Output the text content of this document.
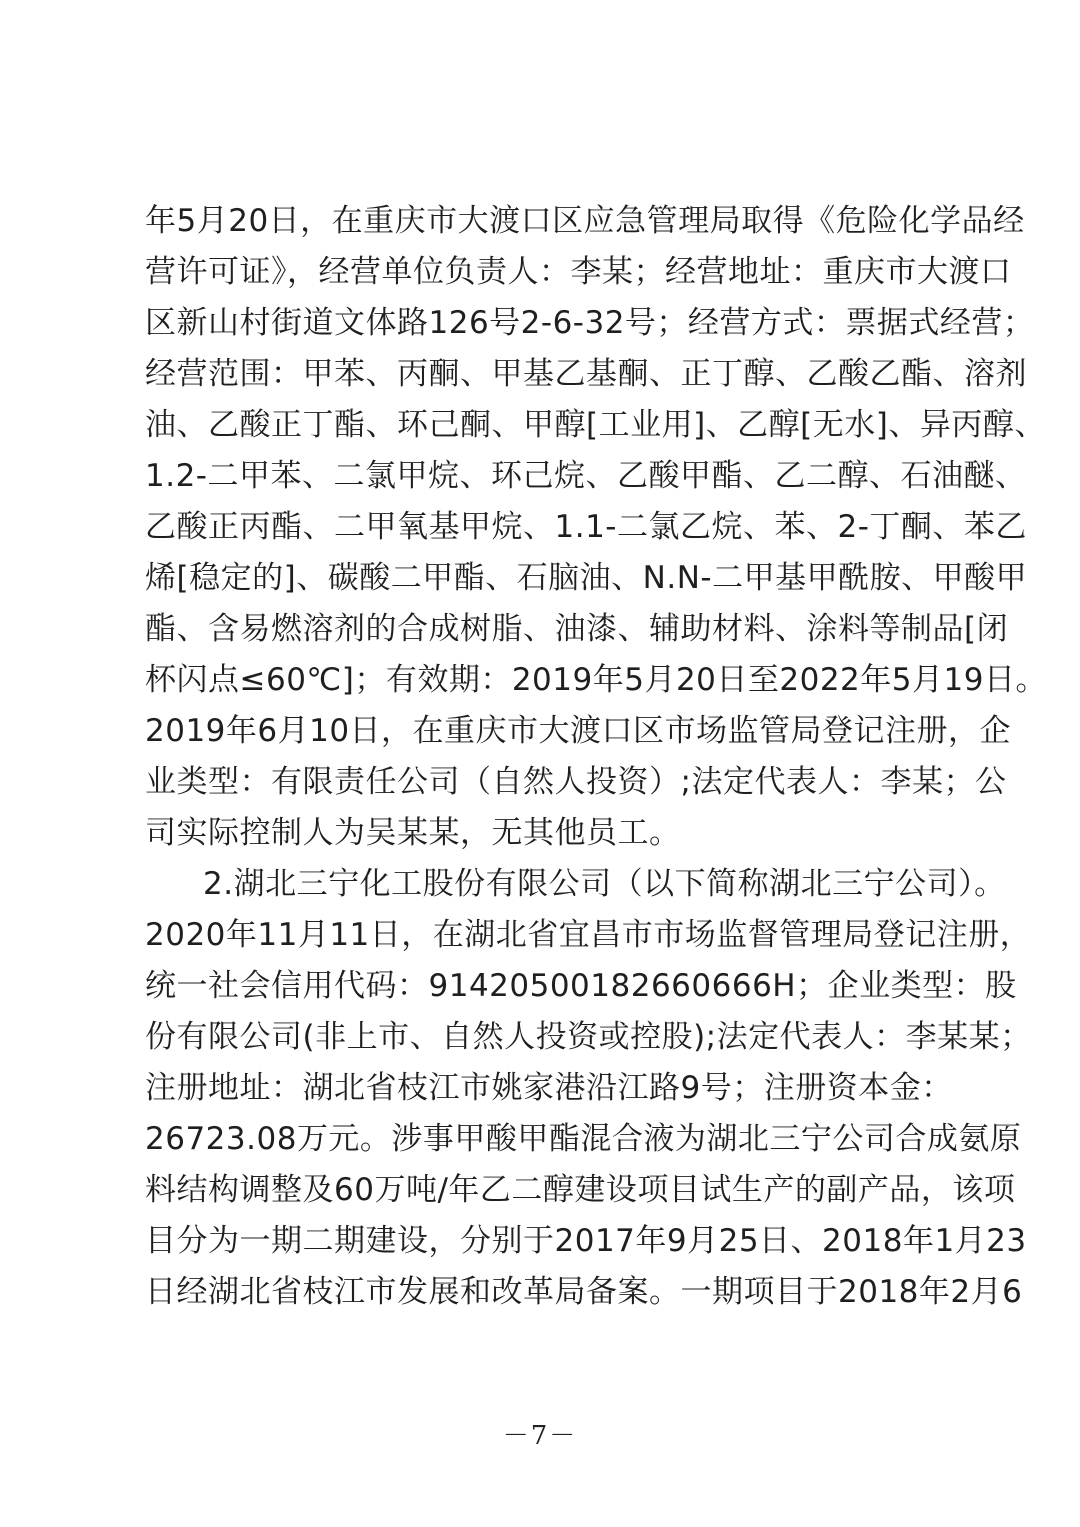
年5月20日，在重庆市大渡口区应急管理局取得《危险化学品经
营许可证》，经营单位负责人：李某；经营地址：重庆市大渡口
区新山村街道文体路126号2-6-32号；经营方式：票据式经营；
经营范围：甲苯、丙酮、甲基乙基酮、正丁醇、乙酸乙酯、溶剂
油、乙酸正丁酯、环己酮、甲醇[工业用]、乙醇[无水]、异丙醇、
1.2-二甲苯、二氯甲烷、环己烷、乙酸甲酯、乙二醇、石油醚、
乙酸正丙酯、二甲氧基甲烷、1.1-二氯乙烷、苯、2-丁酮、苯乙
烯[稳定的]、碳酸二甲酯、石脑油、N.N-二甲基甲酰胺、甲酸甲
酯、含易燃溶剂的合成树脂、油漆、辅助材料、涂料等制品[闭
杯闪点≤60℃]；有效期：2019年5月20日至2022年5月19日。
2019年6月10日，在重庆市大渡口区市场监管局登记注册，企
业类型：有限责任公司（自然人投资）;法定代表人：李某；公
司实际控制人为吴某某，无其他员工。
2.湖北三宁化工股份有限公司（以下简称湖北三宁公司）。
2020年11月11日，在湖北省宜昌市市场监督管理局登记注册，
统一社会信用代码：91420500182660666H；企业类型：股
份有限公司(非上市、自然人投资或控股);法定代表人：李某某；
注册地址：湖北省枝江市姚家港沿江路9号；注册资本金：
26723.08万元。涉事甲酸甲酯混合液为湖北三宁公司合成氨原
料结构调整及60万吨/年乙二醇建设项目试生产的副产品，该项
目分为一期二期建设，分别于2017年9月25日、2018年1月23
日经湖北省枝江市发展和改革局备案。一期项目于2018年2月6
－7－
